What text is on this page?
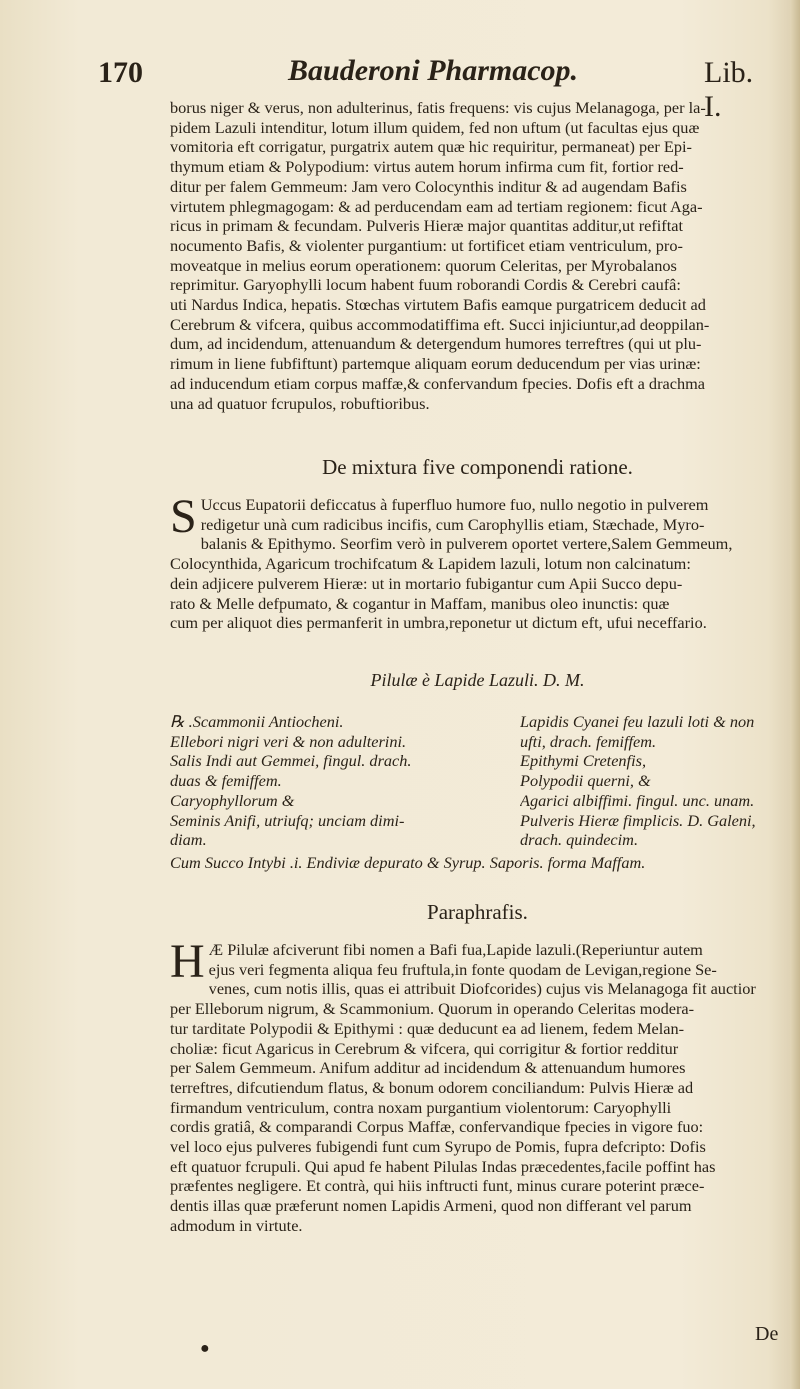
170	Bauderoni Pharmacop.	Lib. I.
borus niger & verus, non adulterinus, fatis frequens: vis cujus Melanagoga, per la-
pidem Lazuli intenditur, lotum illum quidem, fed non uftum (ut facultas ejus quæ
vomitoria eft corrigatur, purgatrix autem quæ hic requiritur, permaneat) per Epi-
thymum etiam & Polypodium: virtus autem horum infirma cum fit, fortior red-
ditur per falem Gemmeum: Jam vero Colocynthis inditur & ad augendam Bafis
virtutem phlegmagogam: & ad perducendam eam ad tertiam regionem: ficut Aga-
ricus in primam & fecundam. Pulveris Hieræ major quantitas additur,ut refiftat
nocumento Bafis, & violenter purgantium: ut fortificet etiam ventriculum, pro-
moveatque in melius eorum operationem: quorum Celeritas, per Myrobalanos
reprimitur. Garyophylli locum habent fuum roborandi Cordis & Cerebri caufâ:
uti Nardus Indica, hepatis. Stœchas virtutem Bafis eamque purgatricem deducit ad
Cerebrum & vifcera, quibus accommodatiffima eft. Succi injiciuntur,ad deoppilan-
dum, ad incidendum, attenuandum & detergendum humores terreftres (qui ut plu-
rimum in liene fubfiftunt) partemque aliquam eorum deducendum per vias urinæ:
ad inducendum etiam corpus maffæ,& confervandum fpecies. Dofis eft a drachma
una ad quatuor fcrupulos, robuftioribus.
De mixtura five componendi ratione.
S Uccus Eupatorii deficcatus à fuperfluo humore fuo, nullo negotio in pulverem
redigetur unà cum radicibus incifis, cum Carophyllis etiam, Stæchade, Myro-
balanis & Epithymo. Seorfim verò in pulverem oportet vertere,Salem Gemmeum,
Colocynthida, Agaricum trochifcatum & Lapidem lazuli, lotum non calcinatum:
dein adjicere pulverem Hieræ: ut in mortario fubigantur cum Apii Succo depu-
rato & Melle defpumato, & cogantur in Maffam, manibus oleo inunctis: quæ
cum per aliquot dies permanferit in umbra,reponetur ut dictum eft, ufui neceffario.
Pilulæ è Lapide Lazuli. D. M.
℞ .Scammonii Antiocheni.
Ellebori nigri veri & non adulterini.
Salis Indi aut Gemmei, fingul. drach.
duas & femiffem.
Caryophyllorum &
Seminis Anifi, utriufq; unciam dimi-
diam.
Lapidis Cyanei feu lazuli loti & non
ufti, drach. femiffem.
Epithymi Cretenfis,
Polypodii querni, &
Agarici albiffimi. fingul. unc. unam.
Pulveris Hieræ fimplicis. D. Galeni,
drach. quindecim.
Cum Succo Intybi .i. Endiviæ depurato & Syrup. Saporis. forma Maffam.
Paraphrafis.
H Æ Pilulæ afciverunt fibi nomen a Bafi fua,Lapide lazuli.(Reperiuntur autem
ejus veri fegmenta aliqua feu fruftula,in fonte quodam de Levigan,regione Se-
venes, cum notis illis, quas ei attribuit Diofcorides) cujus vis Melanagoga fit auctior
per Elleborum nigrum, & Scammonium. Quorum in operando Celeritas modera-
tur tarditate Polypodii & Epithymi : quæ deducunt ea ad lienem, fedem Melan-
choliæ: ficut Agaricus in Cerebrum & vifcera, qui corrigitur & fortior redditur
per Salem Gemmeum. Anifum additur ad incidendum & attenuandum humores
terreftres, difcutiendum flatus, & bonum odorem conciliandum: Pulvis Hieræ ad
firmandum ventriculum, contra noxam purgantium violentorum: Caryophylli
cordis gratiâ, & comparandi Corpus Maffæ, confervandique fpecies in vigore fuo:
vel loco ejus pulveres fubigendi funt cum Syrupo de Pomis, fupra defcripto: Dofis
eft quatuor fcrupuli. Qui apud fe habent Pilulas Indas præcedentes,facile poffint has
præfentes negligere. Et contrà, qui hiis inftructi funt, minus curare poterint præce-
dentis illas quæ præferunt nomen Lapidis Armeni, quod non differant vel parum
admodum in virtute.
De
●
